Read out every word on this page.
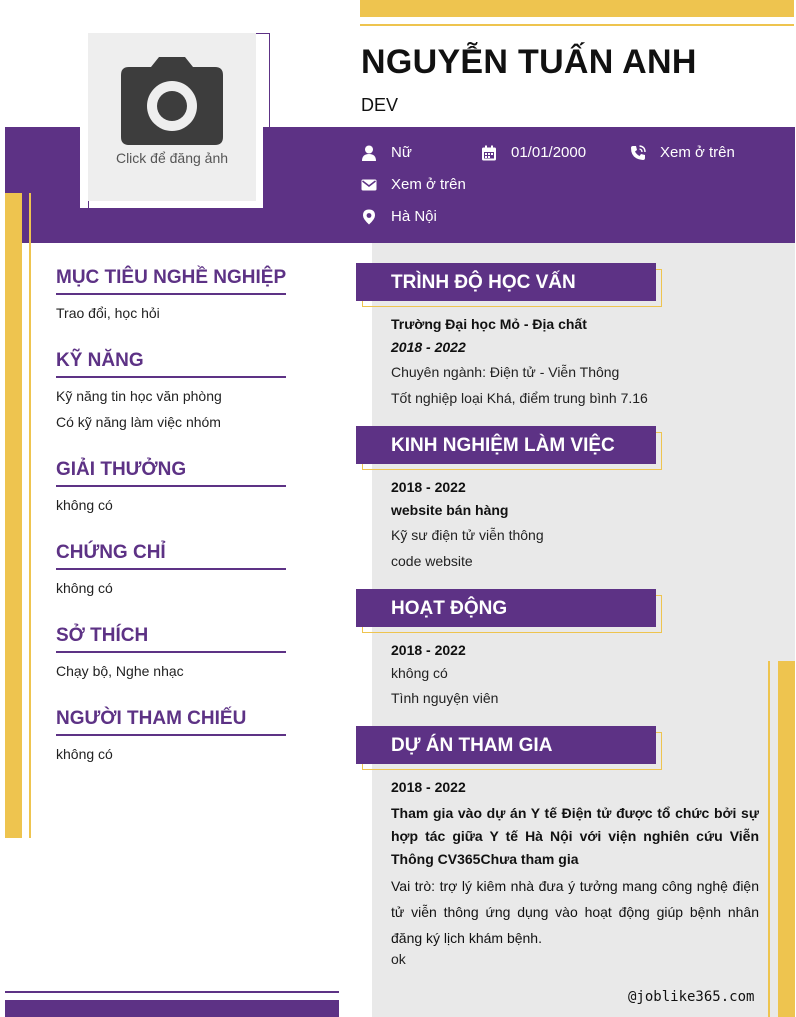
Click để đăng ảnh
NGUYỄN TUẤN ANH
DEV
Nữ	01/01/2000	Xem ở trên
Xem ở trên
Hà Nội
MỤC TIÊU NGHỀ NGHIỆP
Trao đổi, học hỏi
KỸ NĂNG
Kỹ năng tin học văn phòng
Có kỹ năng làm việc nhóm
GIẢI THƯỞNG
không có
CHỨNG CHỈ
không có
SỞ THÍCH
Chạy bộ, Nghe nhạc
NGƯỜI THAM CHIẾU
không có
TRÌNH ĐỘ HỌC VẤN
Trường Đại học Mỏ - Địa chất
2018 - 2022
Chuyên ngành: Điện tử - Viễn Thông
Tốt nghiệp loại Khá, điểm trung bình 7.16
KINH NGHIỆM LÀM VIỆC
2018 - 2022
website bán hàng
Kỹ sư điện tử viễn thông
code website
HOẠT ĐỘNG
2018 - 2022
không có
Tình nguyện viên
DỰ ÁN THAM GIA
2018 - 2022
Tham gia vào dự án Y tế Điện tử được tổ chức bởi sự hợp tác giữa Y tế Hà Nội với viện nghiên cứu Viễn Thông CV365Chưa tham gia
Vai trò: trợ lý kiêm nhà đưa ý tưởng mang công nghệ điện tử viễn thông ứng dụng vào hoạt động giúp bệnh nhân đăng ký lịch khám bệnh.
ok
@joblike365.com
